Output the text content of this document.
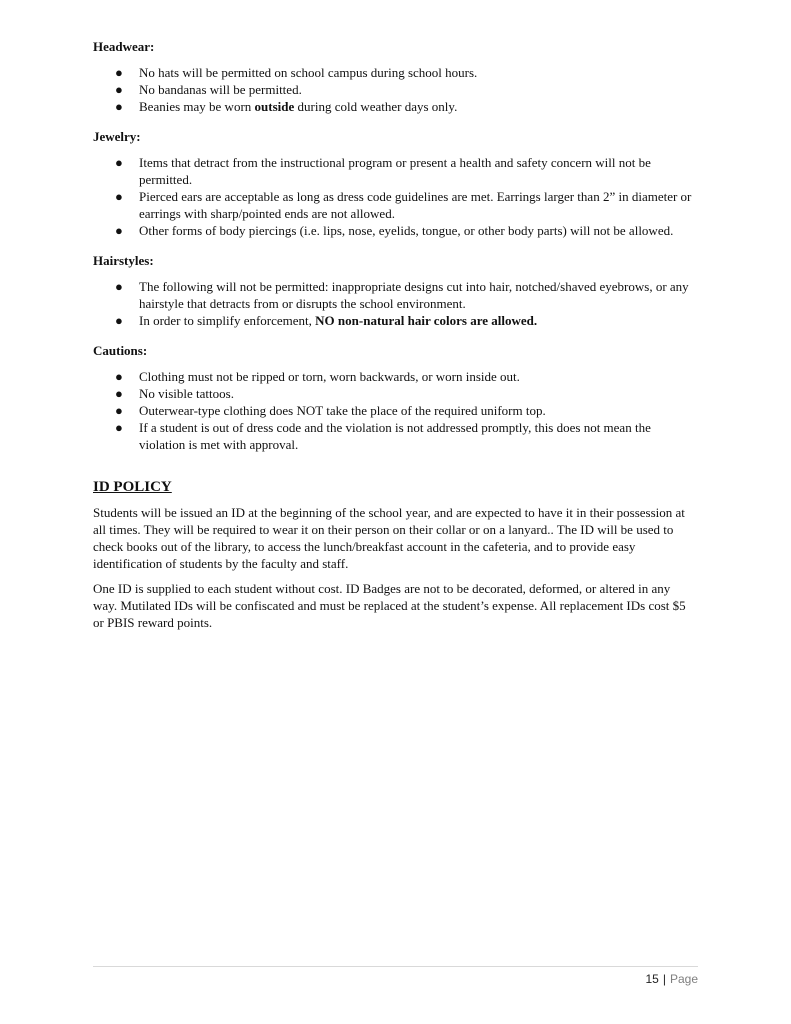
Headwear:
● No hats will be permitted on school campus during school hours.
● No bandanas will be permitted.
● Beanies may be worn outside during cold weather days only.
Jewelry:
● Items that detract from the instructional program or present a health and safety concern will not be permitted.
● Pierced ears are acceptable as long as dress code guidelines are met. Earrings larger than 2” in diameter or earrings with sharp/pointed ends are not allowed.
● Other forms of body piercings (i.e. lips, nose, eyelids, tongue, or other body parts) will not be allowed.
Hairstyles:
● The following will not be permitted: inappropriate designs cut into hair, notched/shaved eyebrows, or any hairstyle that detracts from or disrupts the school environment.
● In order to simplify enforcement, NO non-natural hair colors are allowed.
Cautions:
● Clothing must not be ripped or torn, worn backwards, or worn inside out.
● No visible tattoos.
● Outerwear-type clothing does NOT take the place of the required uniform top.
● If a student is out of dress code and the violation is not addressed promptly, this does not mean the violation is met with approval.
ID POLICY

Students will be issued an ID at the beginning of the school year, and are expected to have it in their possession at all times. They will be required to wear it on their person on their collar or on a lanyard.. The ID will be used to check books out of the library, to access the lunch/breakfast account in the cafeteria, and to provide easy identification of students by the faculty and staff.

One ID is supplied to each student without cost. ID Badges are not to be decorated, deformed, or altered in any way. Mutilated IDs will be confiscated and must be replaced at the student’s expense. All replacement IDs cost $5 or PBIS reward points.

15 | Page
